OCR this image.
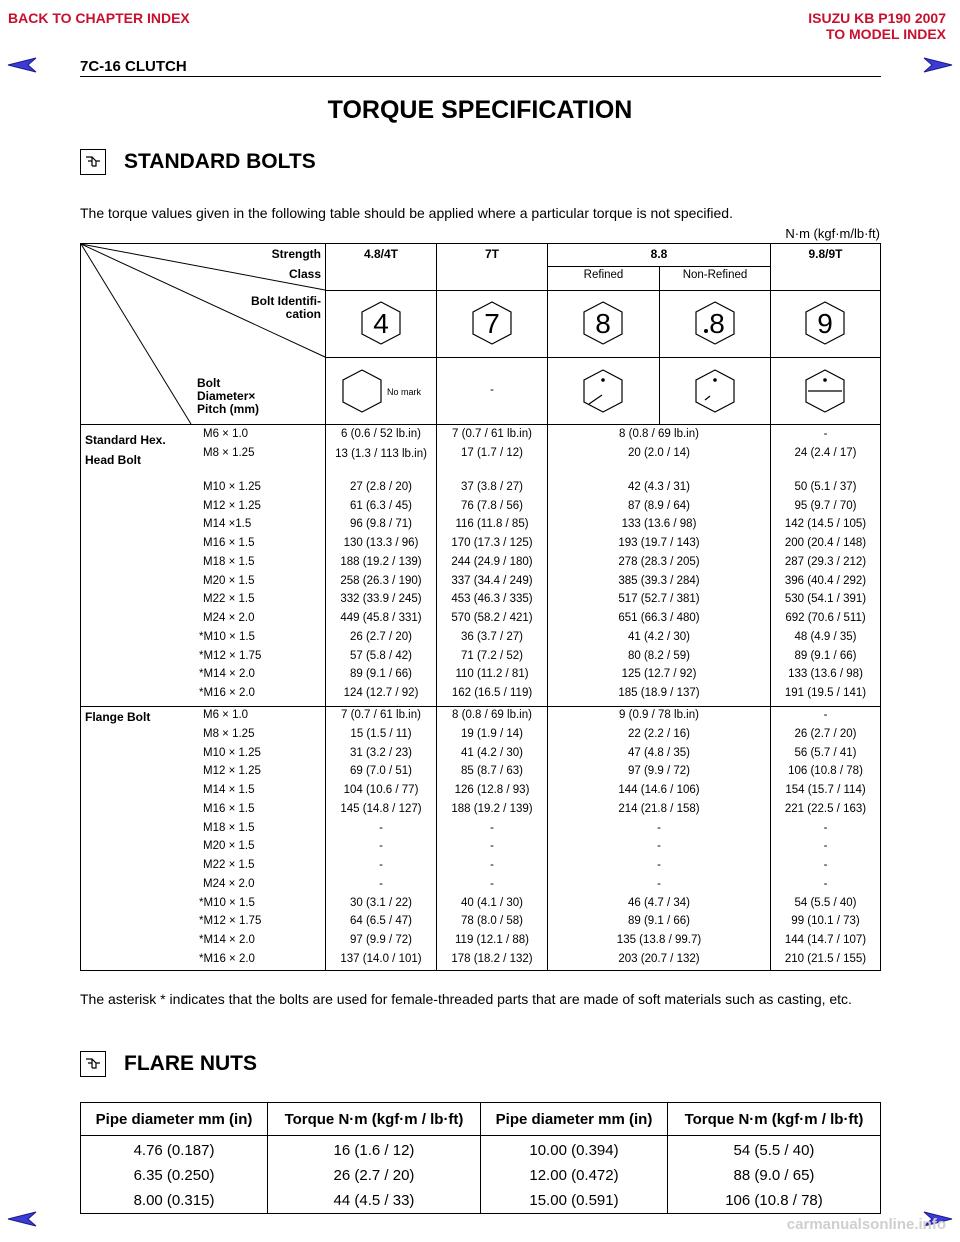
BACK TO CHAPTER INDEX	ISUZU KB P190 2007
TO MODEL INDEX
7C-16 CLUTCH
TORQUE SPECIFICATION
STANDARD BOLTS
The torque values given in the following table should be applied where a particular torque is not specified.
N·m (kgf·m/lb·ft)
Strength
Class
Bolt Identifi-
cation
Bolt
Diameter×
Pitch (mm)
4.8/4T	7T	8.8
Refined	Non-Refined
9.8/9T
4	7	8	8	9
No mark	-
Standard Hex.
Head Bolt
Flange Bolt
M6 × 1.0	6 (0.6 / 52 lb.in)	7 (0.7 / 61 lb.in)	8 (0.8 / 69 lb.in)	-
M8 × 1.25	13 (1.3 / 113 lb.in)	17 (1.7 / 12)	20 (2.0 / 14)	24 (2.4 / 17)
M10 × 1.25	27 (2.8 / 20)	37 (3.8 / 27)	42 (4.3 / 31)	50 (5.1 / 37)
M12 × 1.25	61 (6.3 / 45)	76 (7.8 / 56)	87 (8.9 / 64)	95 (9.7 / 70)
M14 ×1.5	96 (9.8 / 71)	116 (11.8 / 85)	133 (13.6 / 98)	142 (14.5 / 105)
M16 × 1.5	130 (13.3 / 96)	170 (17.3 / 125)	193 (19.7 / 143)	200 (20.4 / 148)
M18 × 1.5	188 (19.2 / 139)	244 (24.9 / 180)	278 (28.3 / 205)	287 (29.3 / 212)
M20 × 1.5	258 (26.3 / 190)	337 (34.4 / 249)	385 (39.3 / 284)	396 (40.4 / 292)
M22 × 1.5	332 (33.9 / 245)	453 (46.3 / 335)	517 (52.7 / 381)	530 (54.1 / 391)
M24 × 2.0	449 (45.8 / 331)	570 (58.2 / 421)	651 (66.3 / 480)	692 (70.6 / 511)
*M10 × 1.5	26 (2.7 / 20)	36 (3.7 / 27)	41 (4.2 / 30)	48 (4.9 / 35)
*M12 × 1.75	57 (5.8 / 42)	71 (7.2 / 52)	80 (8.2 / 59)	89 (9.1 / 66)
*M14 × 2.0	89 (9.1 / 66)	110 (11.2 / 81)	125 (12.7 / 92)	133 (13.6 / 98)
*M16 × 2.0	124 (12.7 / 92)	162 (16.5 / 119)	185 (18.9 / 137)	191 (19.5 / 141)
M6 × 1.0	7 (0.7 / 61 lb.in)	8 (0.8 / 69 lb.in)	9 (0.9 / 78 lb.in)	-
M8 × 1.25	15 (1.5 / 11)	19 (1.9 / 14)	22 (2.2 / 16)	26 (2.7 / 20)
M10 × 1.25	31 (3.2 / 23)	41 (4.2 / 30)	47 (4.8 / 35)	56 (5.7 / 41)
M12 × 1.25	69 (7.0 / 51)	85 (8.7 / 63)	97 (9.9 / 72)	106 (10.8 / 78)
M14 × 1.5	104 (10.6 / 77)	126 (12.8 / 93)	144 (14.6 / 106)	154 (15.7 / 114)
M16 × 1.5	145 (14.8 / 127)	188 (19.2 / 139)	214 (21.8 / 158)	221 (22.5 / 163)
M18 × 1.5	-	-	-	-
M20 × 1.5	-	-	-	-
M22 × 1.5	-	-	-	-
M24 × 2.0	-	-	-	-
*M10 × 1.5	30 (3.1 / 22)	40 (4.1 / 30)	46 (4.7 / 34)	54 (5.5 / 40)
*M12 × 1.75	64 (6.5 / 47)	78 (8.0 / 58)	89 (9.1 / 66)	99 (10.1 / 73)
*M14 × 2.0	97 (9.9 / 72)	119 (12.1 / 88)	135 (13.8 / 99.7)	144 (14.7 / 107)
*M16 × 2.0	137 (14.0 / 101)	178 (18.2 / 132)	203 (20.7 / 132)	210 (21.5 / 155)
The asterisk * indicates that the bolts are used for female-threaded parts that are made of soft materials such as casting, etc.
FLARE NUTS
Pipe diameter mm (in)	Torque N·m (kgf·m / lb·ft)	Pipe diameter mm (in)	Torque N·m (kgf·m / lb·ft)
4.76 (0.187)	16 (1.6 / 12)	10.00 (0.394)	54 (5.5 / 40)
6.35 (0.250)	26 (2.7 / 20)	12.00 (0.472)	88 (9.0 / 65)
8.00 (0.315)	44 (4.5 / 33)	15.00 (0.591)	106 (10.8 / 78)
carmanualsonline.info
